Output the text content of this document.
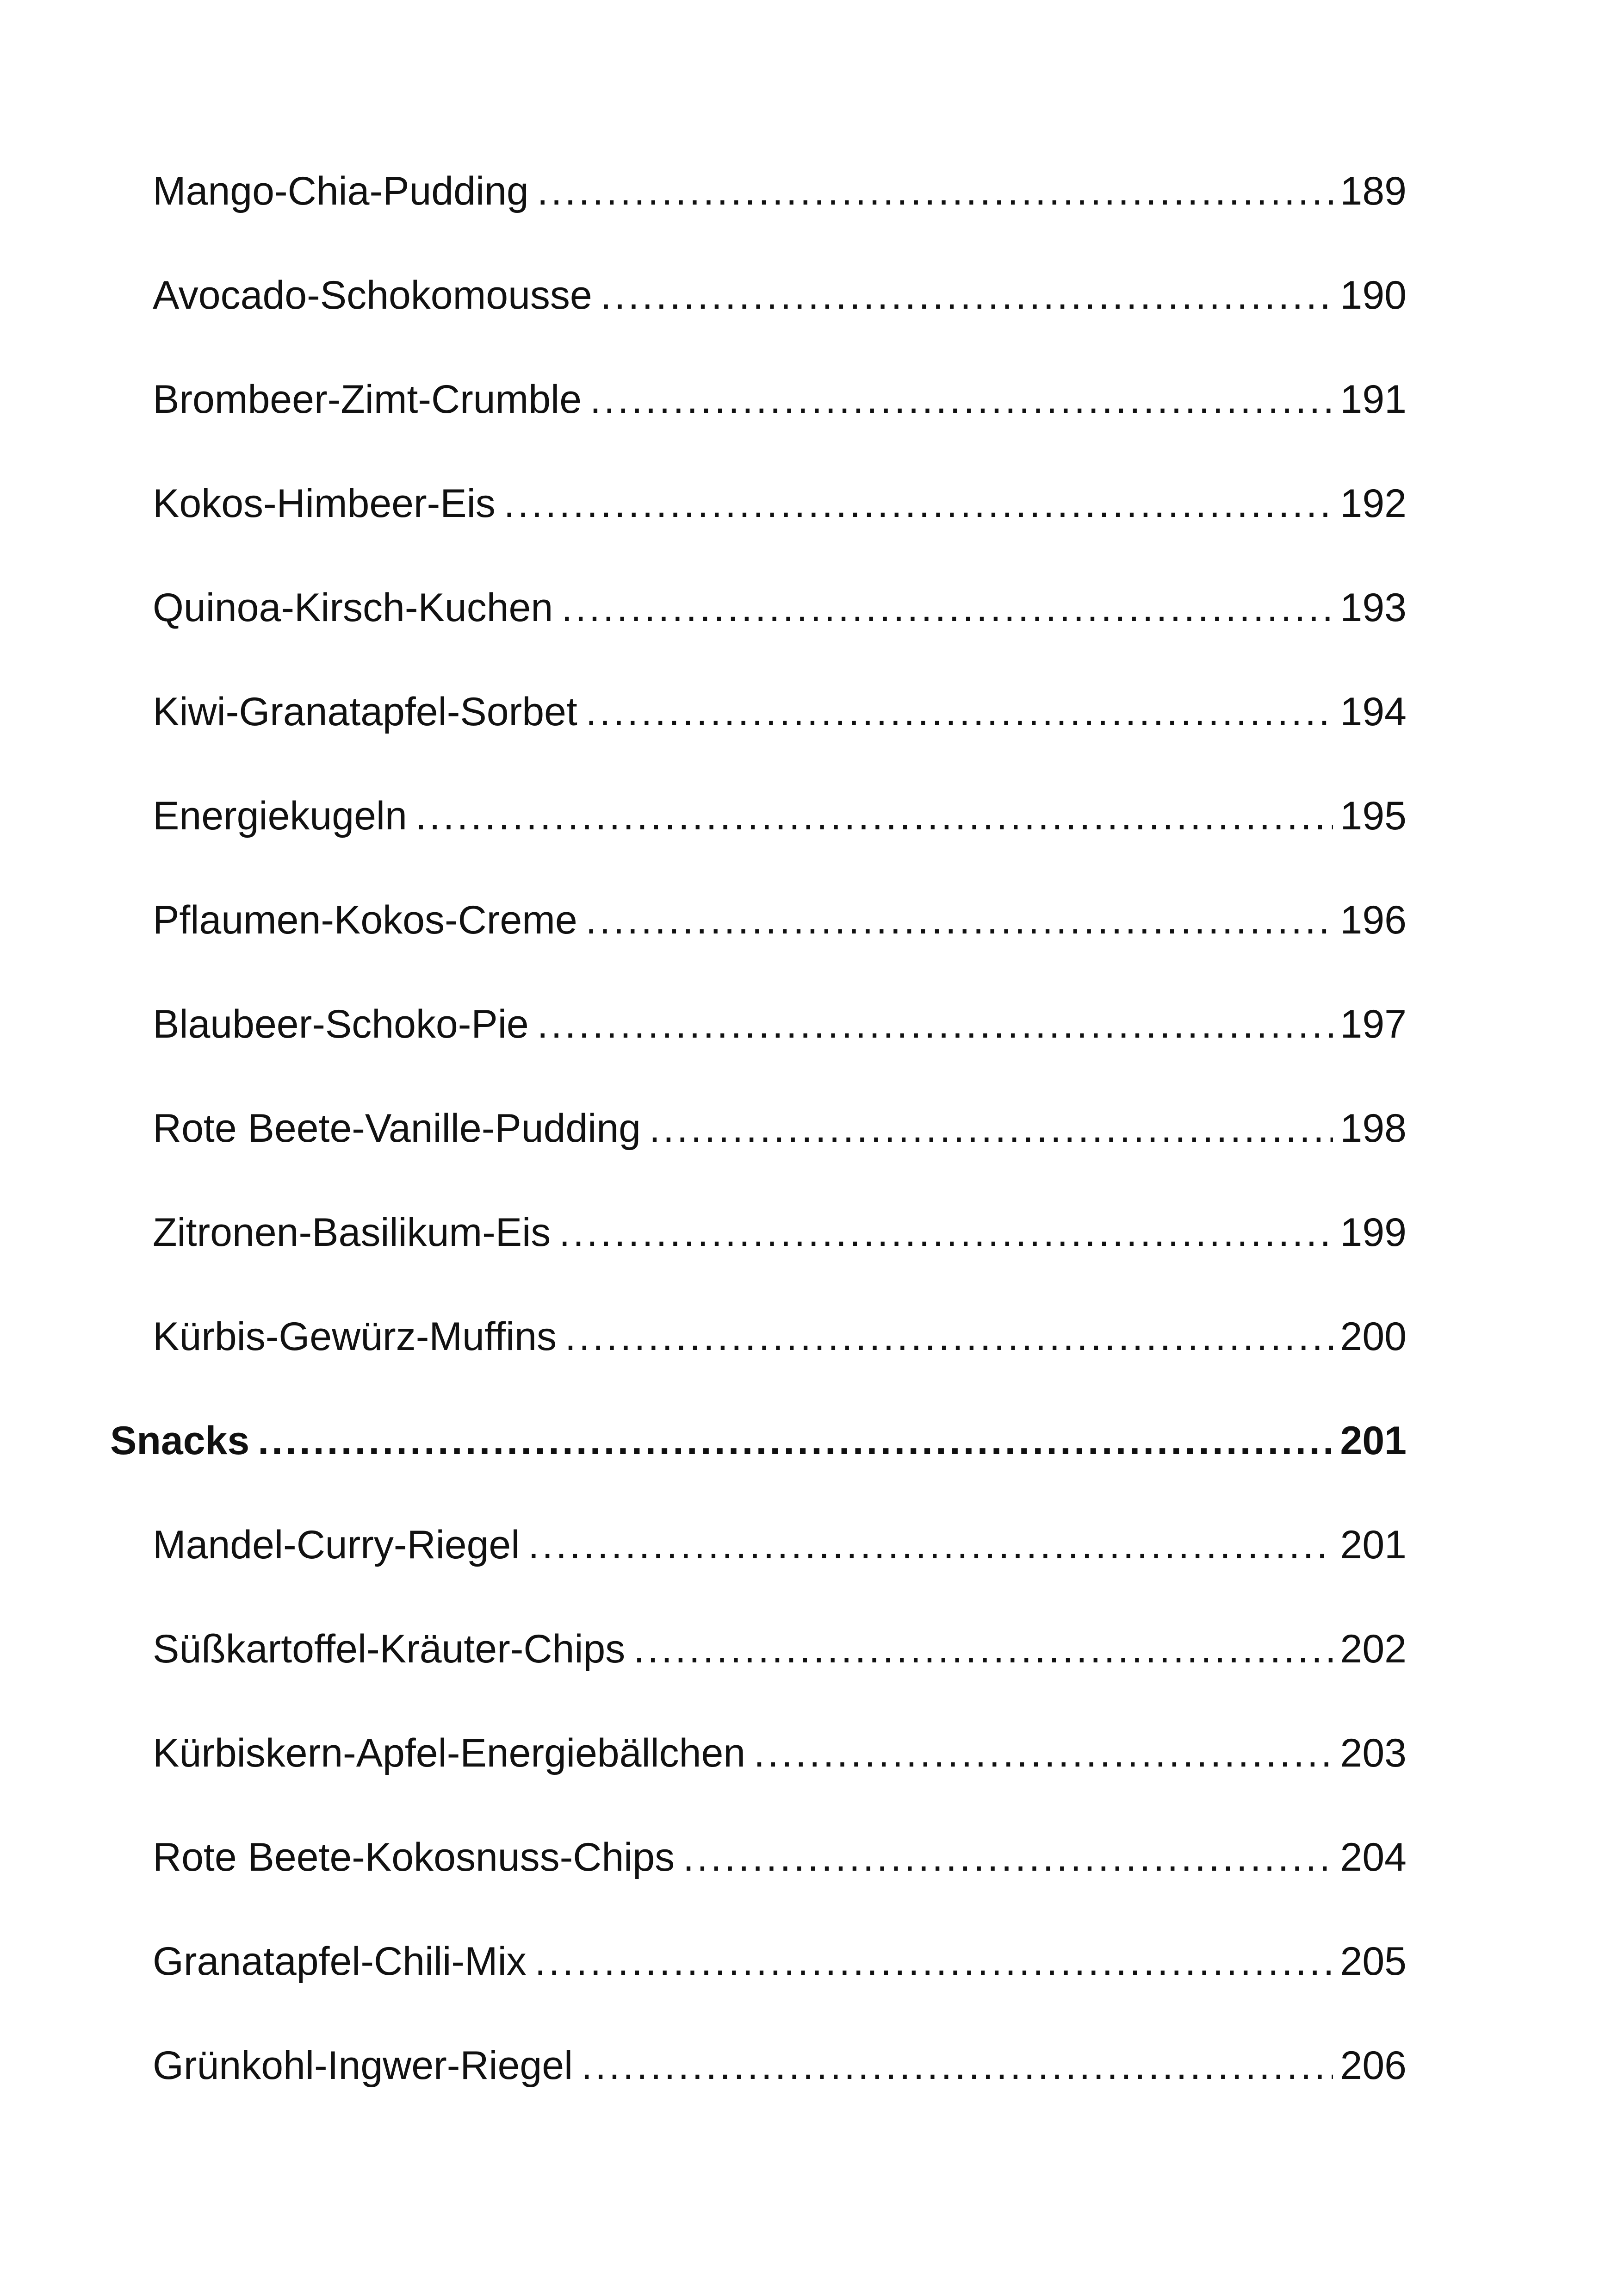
Mango-Chia-Pudding .....	189
Avocado-Schokomousse .....	190
Brombeer-Zimt-Crumble .....	191
Kokos-Himbeer-Eis .....	192
Quinoa-Kirsch-Kuchen .....	193
Kiwi-Granatapfel-Sorbet .....	194
Energiekugeln .....	195
Pflaumen-Kokos-Creme .....	196
Blaubeer-Schoko-Pie .....	197
Rote Beete-Vanille-Pudding .....	198
Zitronen-Basilikum-Eis .....	199
Kürbis-Gewürz-Muffins .....	200
Snacks .....	201
Mandel-Curry-Riegel .....	201
Süßkartoffel-Kräuter-Chips .....	202
Kürbiskern-Apfel-Energiebällchen .....	203
Rote Beete-Kokosnuss-Chips .....	204
Granatapfel-Chili-Mix .....	205
Grünkohl-Ingwer-Riegel .....	206
